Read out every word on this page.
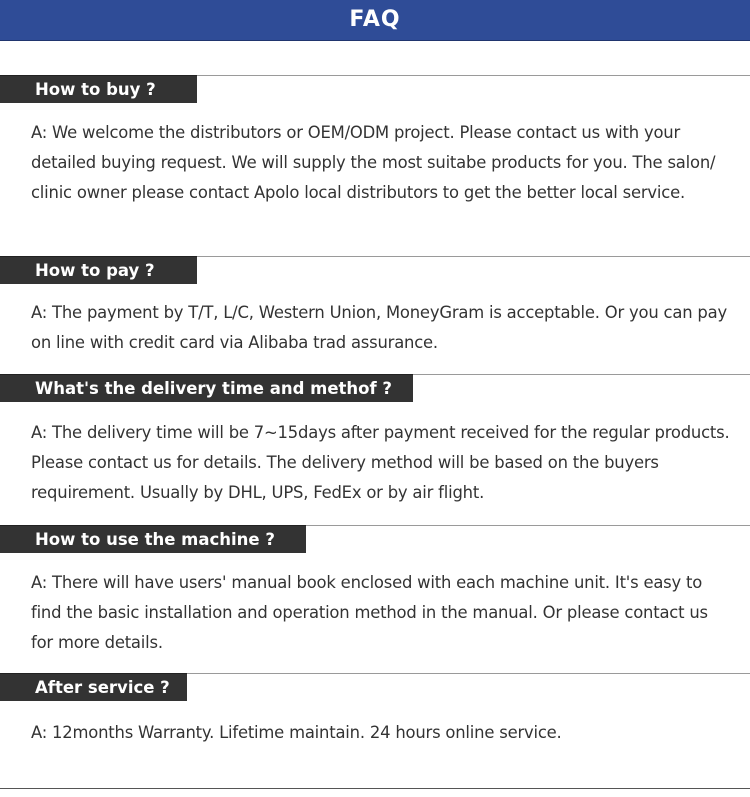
FAQ
How to buy ?

A: We welcome the distributors or OEM/ODM project. Please contact us with your detailed buying request. We will supply the most suitabe products for you. The salon/ clinic owner please contact Apolo local distributors to get the better local service.

How to pay ?

A: The payment by T/T, L/C, Western Union, MoneyGram is acceptable. Or you can pay on line with credit card via Alibaba trad assurance.

What's the delivery time and methof ?

A: The delivery time will be 7~15days after payment received for the regular products. Please contact us for details. The delivery method will be based on the buyers requirement. Usually by DHL, UPS, FedEx or by air flight.

How to use the machine ?

A: There will have users' manual book enclosed with each machine unit. It's easy to find the basic installation and operation method in the manual. Or please contact us for more details.

After service ?

A: 12months Warranty. Lifetime maintain. 24 hours online service.
